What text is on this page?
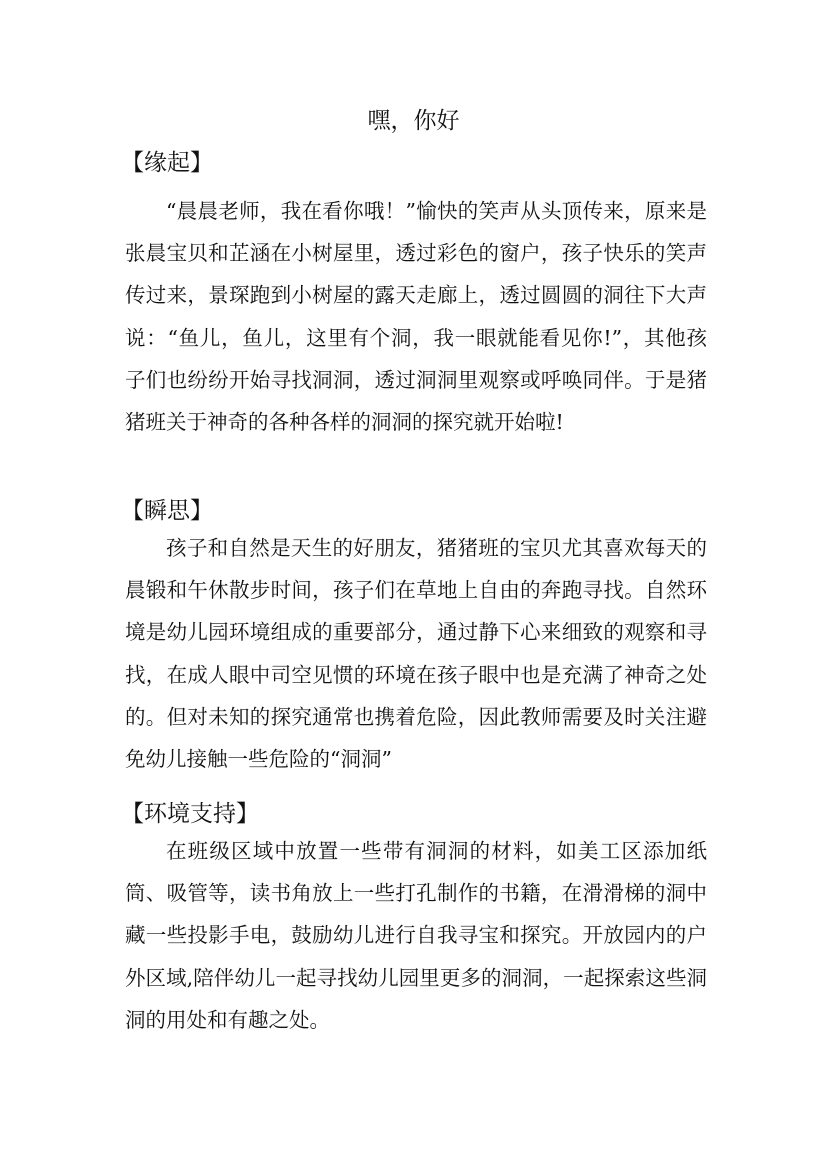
嘿，你好
【缘起】

“晨晨老师，我在看你哦！”愉快的笑声从头顶传来，原来是张晨宝贝和芷涵在小树屋里，透过彩色的窗户，孩子快乐的笑声传过来，景琛跑到小树屋的露天走廊上，透过圆圆的洞往下大声说：“鱼儿，鱼儿，这里有个洞，我一眼就能看见你!”，其他孩子们也纷纷开始寻找洞洞，透过洞洞里观察或呼唤同伴。于是猪猪班关于神奇的各种各样的洞洞的探究就开始啦!

【瞬思】

孩子和自然是天生的好朋友，猪猪班的宝贝尤其喜欢每天的晨锻和午休散步时间，孩子们在草地上自由的奔跑寻找。自然环境是幼儿园环境组成的重要部分，通过静下心来细致的观察和寻找，在成人眼中司空见惯的环境在孩子眼中也是充满了神奇之处的。但对未知的探究通常也携着危险，因此教师需要及时关注避免幼儿接触一些危险的“洞洞”

【环境支持】

在班级区域中放置一些带有洞洞的材料，如美工区添加纸筒、吸管等，读书角放上一些打孔制作的书籍，在滑滑梯的洞中藏一些投影手电，鼓励幼儿进行自我寻宝和探究。开放园内的户外区域,陪伴幼儿一起寻找幼儿园里更多的洞洞，一起探索这些洞洞的用处和有趣之处。
